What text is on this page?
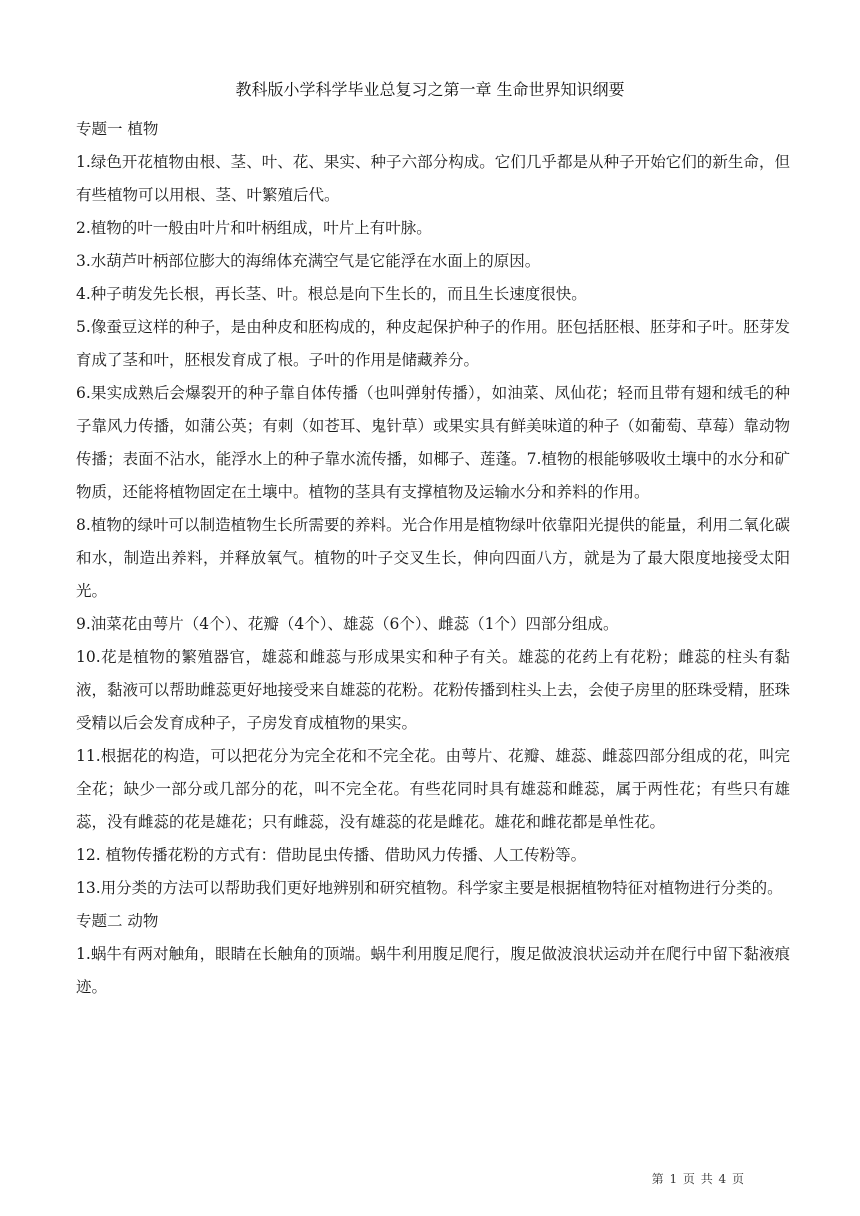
教科版小学科学毕业总复习之第一章 生命世界知识纲要

专题一 植物

1.绿色开花植物由根、茎、叶、花、果实、种子六部分构成。它们几乎都是从种子开始它们的新生命，但有些植物可以用根、茎、叶繁殖后代。

2.植物的叶一般由叶片和叶柄组成，叶片上有叶脉。

3.水葫芦叶柄部位膨大的海绵体充满空气是它能浮在水面上的原因。

4.种子萌发先长根，再长茎、叶。根总是向下生长的，而且生长速度很快。

5.像蚕豆这样的种子，是由种皮和胚构成的，种皮起保护种子的作用。胚包括胚根、胚芽和子叶。胚芽发育成了茎和叶，胚根发育成了根。子叶的作用是储藏养分。

6.果实成熟后会爆裂开的种子靠自体传播（也叫弹射传播），如油菜、凤仙花；轻而且带有翅和绒毛的种子靠风力传播，如蒲公英；有刺（如苍耳、鬼针草）或果实具有鲜美味道的种子（如葡萄、草莓）靠动物传播；表面不沾水，能浮水上的种子靠水流传播，如椰子、莲蓬。7.植物的根能够吸收土壤中的水分和矿物质，还能将植物固定在土壤中。植物的茎具有支撑植物及运输水分和养料的作用。

8.植物的绿叶可以制造植物生长所需要的养料。光合作用是植物绿叶依靠阳光提供的能量，利用二氧化碳和水，制造出养料，并释放氧气。植物的叶子交叉生长，伸向四面八方，就是为了最大限度地接受太阳光。

9.油菜花由萼片（4个）、花瓣（4个）、雄蕊（6个）、雌蕊（1个）四部分组成。

10.花是植物的繁殖器官，雄蕊和雌蕊与形成果实和种子有关。雄蕊的花药上有花粉；雌蕊的柱头有黏液，黏液可以帮助雌蕊更好地接受来自雄蕊的花粉。花粉传播到柱头上去，会使子房里的胚珠受精，胚珠受精以后会发育成种子，子房发育成植物的果实。

11.根据花的构造，可以把花分为完全花和不完全花。由萼片、花瓣、雄蕊、雌蕊四部分组成的花，叫完全花；缺少一部分或几部分的花，叫不完全花。有些花同时具有雄蕊和雌蕊，属于两性花；有些只有雄蕊，没有雌蕊的花是雄花；只有雌蕊，没有雄蕊的花是雌花。雄花和雌花都是单性花。

12. 植物传播花粉的方式有：借助昆虫传播、借助风力传播、人工传粉等。

13.用分类的方法可以帮助我们更好地辨别和研究植物。科学家主要是根据植物特征对植物进行分类的。

专题二 动物

1.蜗牛有两对触角，眼睛在长触角的顶端。蜗牛利用腹足爬行，腹足做波浪状运动并在爬行中留下黏液痕迹。

第 1 页 共 4 页
